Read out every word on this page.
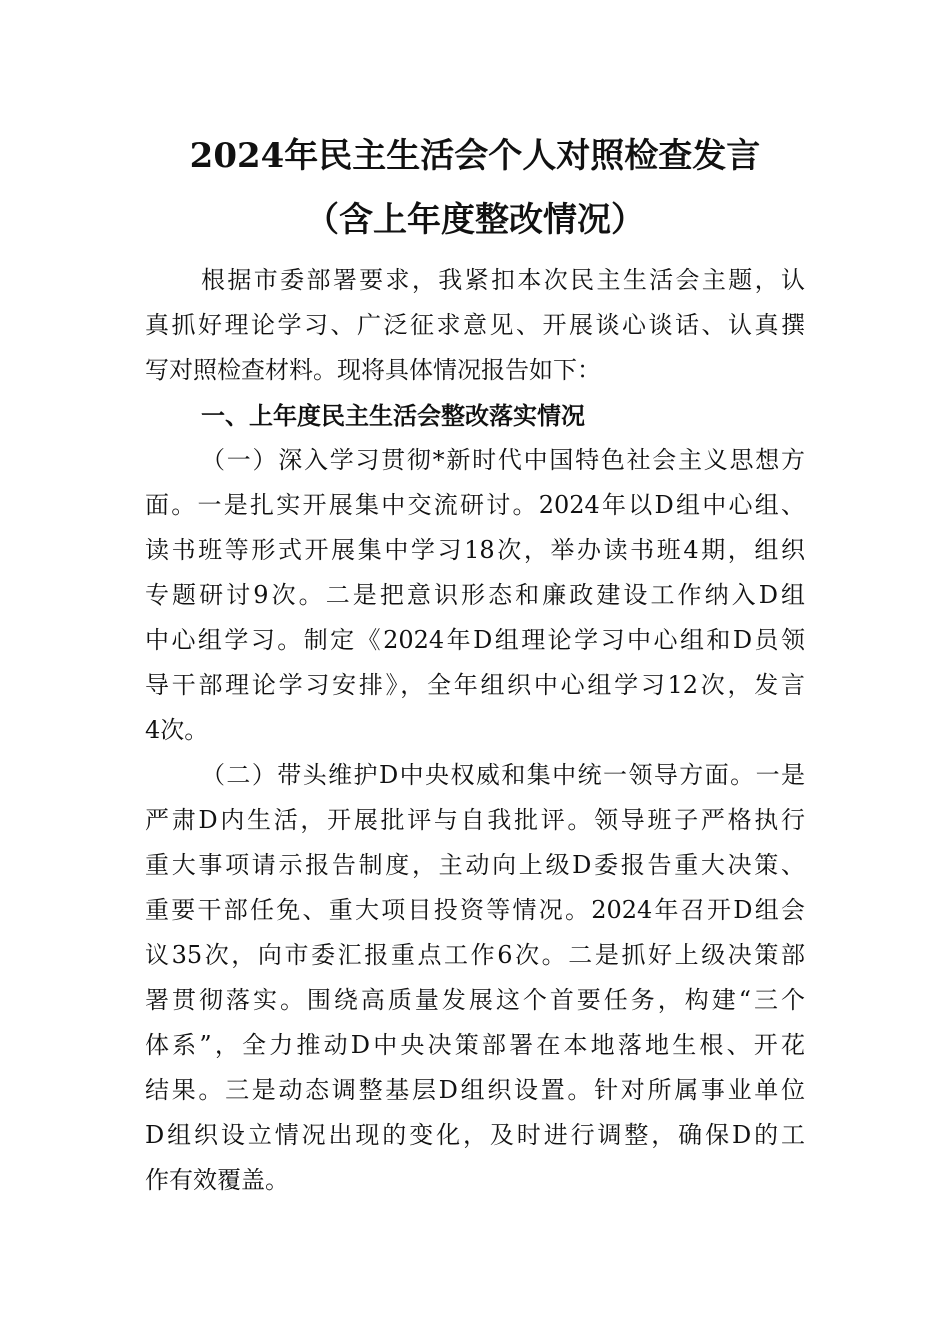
2024年民主生活会个人对照检查发言
（含上年度整改情况）
根据市委部署要求，我紧扣本次民主生活会主题，认
真抓好理论学习、广泛征求意见、开展谈心谈话、认真撰
写对照检查材料。现将具体情况报告如下：
一、上年度民主生活会整改落实情况
（一）深入学习贯彻*新时代中国特色社会主义思想方
面。一是扎实开展集中交流研讨。2024年以D组中心组、
读书班等形式开展集中学习18次，举办读书班4期，组织
专题研讨9次。二是把意识形态和廉政建设工作纳入D组
中心组学习。制定《2024年D组理论学习中心组和D员领
导干部理论学习安排》，全年组织中心组学习12次，发言
4次。
（二）带头维护D中央权威和集中统一领导方面。一是
严肃D内生活，开展批评与自我批评。领导班子严格执行
重大事项请示报告制度，主动向上级D委报告重大决策、
重要干部任免、重大项目投资等情况。2024年召开D组会
议35次，向市委汇报重点工作6次。二是抓好上级决策部
署贯彻落实。围绕高质量发展这个首要任务，构建“三个
体系”，全力推动D中央决策部署在本地落地生根、开花
结果。三是动态调整基层D组织设置。针对所属事业单位
D组织设立情况出现的变化，及时进行调整，确保D的工
作有效覆盖。
